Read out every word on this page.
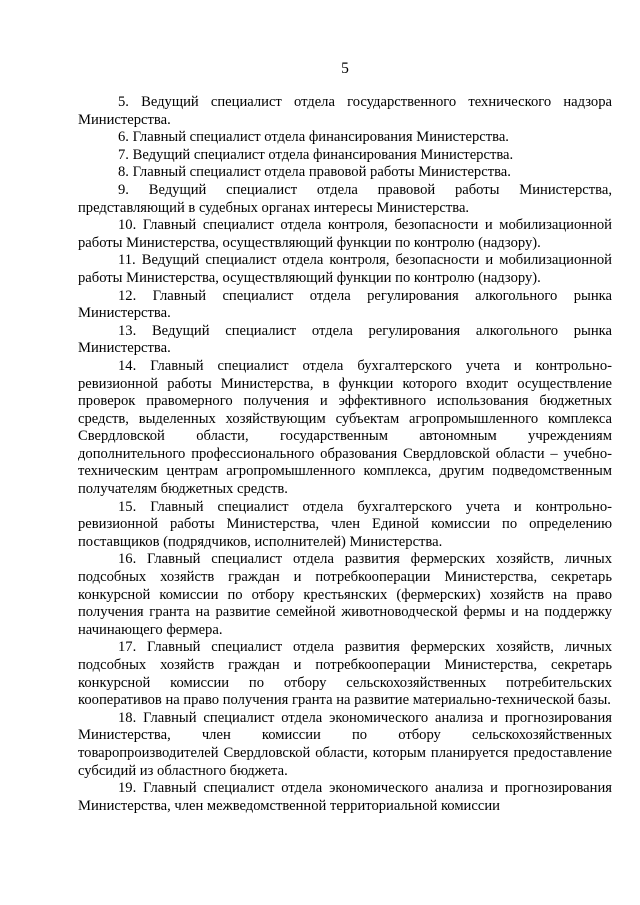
5

5. Ведущий специалист отдела государственного технического надзора Министерства.

6. Главный специалист отдела финансирования Министерства.

7. Ведущий специалист отдела финансирования Министерства.

8. Главный специалист отдела правовой работы Министерства.

9. Ведущий специалист отдела правовой работы Министерства, представляющий в судебных органах интересы Министерства.

10. Главный специалист отдела контроля, безопасности и мобилизационной работы Министерства, осуществляющий функции по контролю (надзору).

11. Ведущий специалист отдела контроля, безопасности и мобилизационной работы Министерства, осуществляющий функции по контролю (надзору).

12. Главный специалист отдела регулирования алкогольного рынка Министерства.

13. Ведущий специалист отдела регулирования алкогольного рынка Министерства.

14. Главный специалист отдела бухгалтерского учета и контрольно-ревизионной работы Министерства, в функции которого входит осуществление проверок правомерного получения и эффективного использования бюджетных средств, выделенных хозяйствующим субъектам агропромышленного комплекса Свердловской области, государственным автономным учреждениям дополнительного профессионального образования Свердловской области – учебно-техническим центрам агропромышленного комплекса, другим подведомственным получателям бюджетных средств.

15. Главный специалист отдела бухгалтерского учета и контрольно-ревизионной работы Министерства, член Единой комиссии по определению поставщиков (подрядчиков, исполнителей) Министерства.

16. Главный специалист отдела развития фермерских хозяйств, личных подсобных хозяйств граждан и потребкооперации Министерства, секретарь конкурсной комиссии по отбору крестьянских (фермерских) хозяйств на право получения гранта на развитие семейной животноводческой фермы и на поддержку начинающего фермера.

17. Главный специалист отдела развития фермерских хозяйств, личных подсобных хозяйств граждан и потребкооперации Министерства, секретарь конкурсной комиссии по отбору сельскохозяйственных потребительских кооперативов на право получения гранта на развитие материально-технической базы.

18. Главный специалист отдела экономического анализа и прогнозирования Министерства, член комиссии по отбору сельскохозяйственных товаропроизводителей Свердловской области, которым планируется предоставление субсидий из областного бюджета.

19. Главный специалист отдела экономического анализа и прогнозирования Министерства, член межведомственной территориальной комиссии
